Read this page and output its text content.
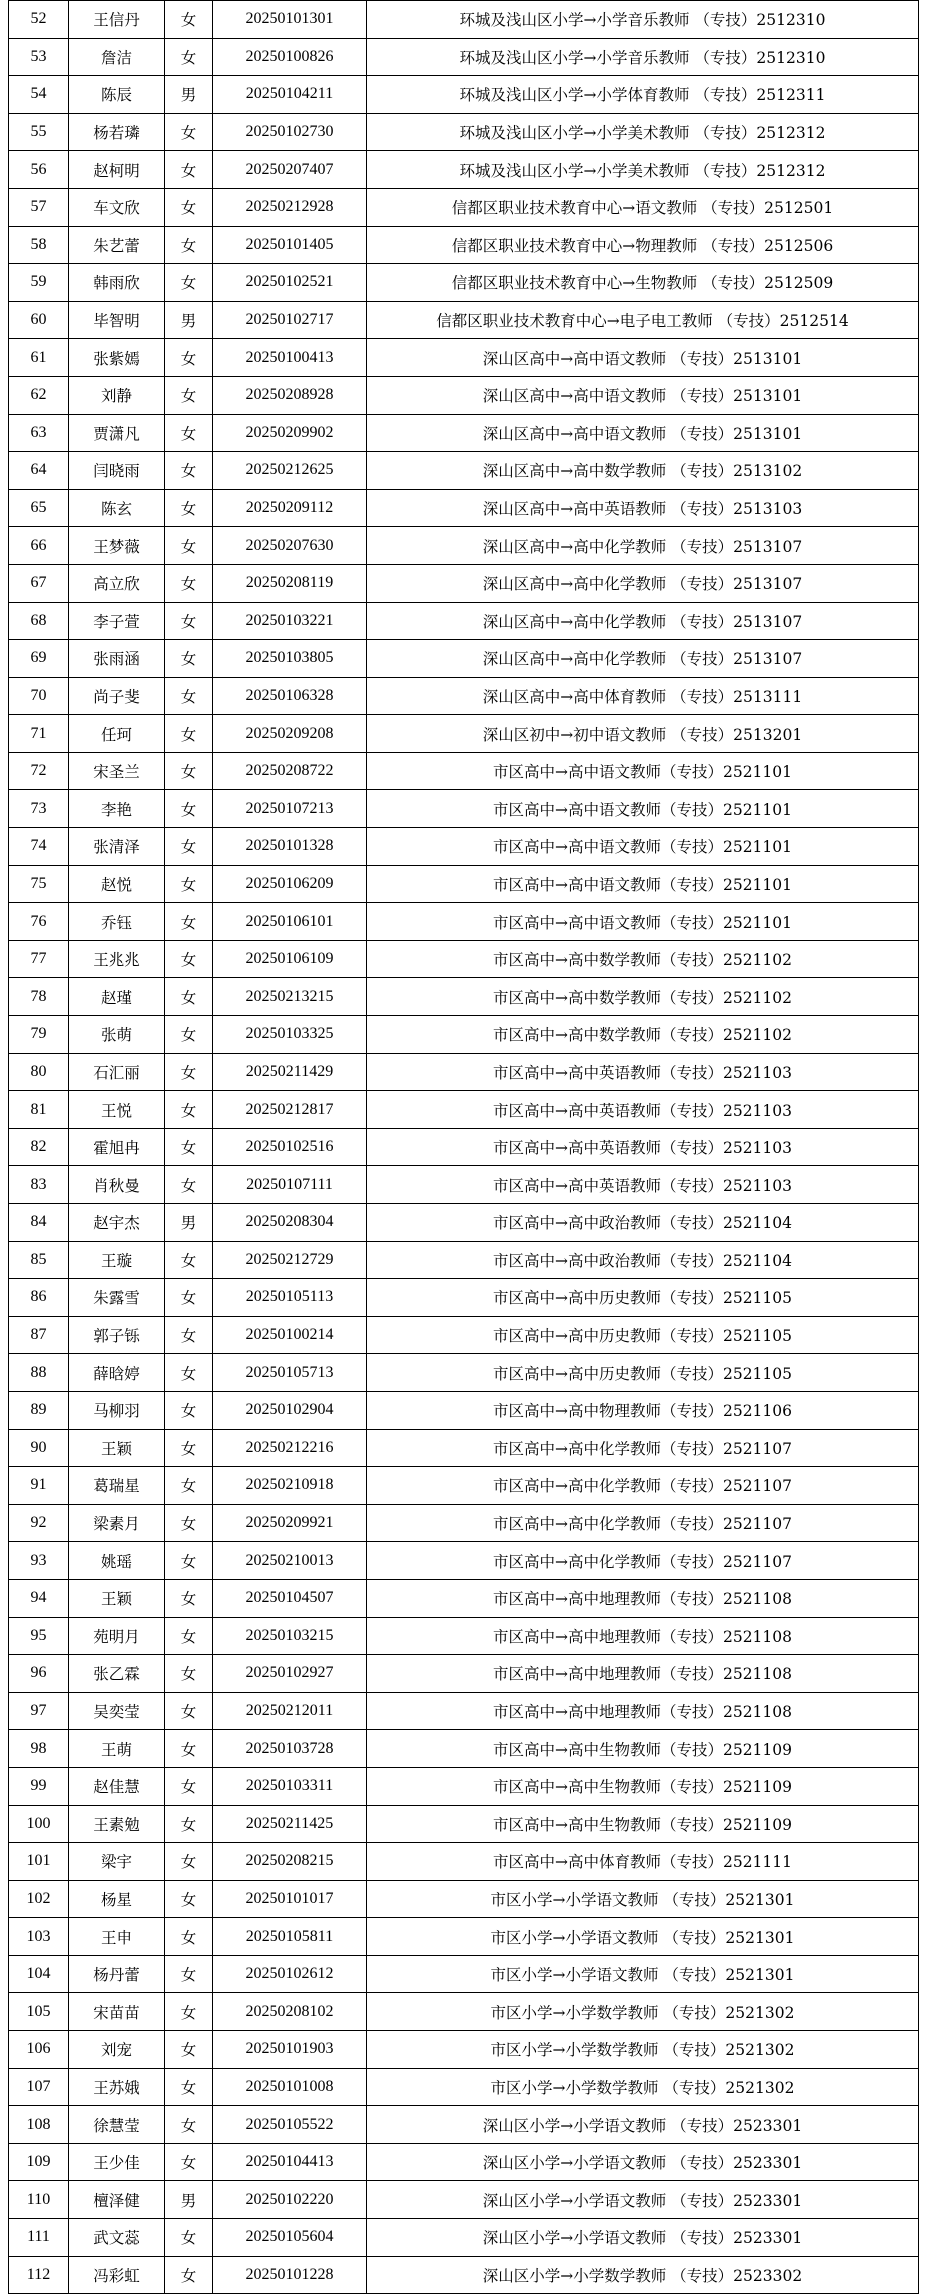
52	王信丹	女	20250101301	环城及浅山区小学→小学音乐教师 （专技）2512310
53	詹洁	女	20250100826	环城及浅山区小学→小学音乐教师 （专技）2512310
54	陈辰	男	20250104211	环城及浅山区小学→小学体育教师 （专技）2512311
55	杨若璘	女	20250102730	环城及浅山区小学→小学美术教师 （专技）2512312
56	赵柯明	女	20250207407	环城及浅山区小学→小学美术教师 （专技）2512312
57	车文欣	女	20250212928	信都区职业技术教育中心→语文教师 （专技）2512501
58	朱艺蕾	女	20250101405	信都区职业技术教育中心→物理教师 （专技）2512506
59	韩雨欣	女	20250102521	信都区职业技术教育中心→生物教师 （专技）2512509
60	毕智明	男	20250102717	信都区职业技术教育中心→电子电工教师 （专技）2512514
61	张紫嫣	女	20250100413	深山区高中→高中语文教师 （专技）2513101
62	刘静	女	20250208928	深山区高中→高中语文教师 （专技）2513101
63	贾潇凡	女	20250209902	深山区高中→高中语文教师 （专技）2513101
64	闫晓雨	女	20250212625	深山区高中→高中数学教师 （专技）2513102
65	陈玄	女	20250209112	深山区高中→高中英语教师 （专技）2513103
66	王梦薇	女	20250207630	深山区高中→高中化学教师 （专技）2513107
67	高立欣	女	20250208119	深山区高中→高中化学教师 （专技）2513107
68	李子萱	女	20250103221	深山区高中→高中化学教师 （专技）2513107
69	张雨涵	女	20250103805	深山区高中→高中化学教师 （专技）2513107
70	尚子斐	女	20250106328	深山区高中→高中体育教师 （专技）2513111
71	任珂	女	20250209208	深山区初中→初中语文教师 （专技）2513201
72	宋圣兰	女	20250208722	市区高中→高中语文教师（专技）2521101
73	李艳	女	20250107213	市区高中→高中语文教师（专技）2521101
74	张清泽	女	20250101328	市区高中→高中语文教师（专技）2521101
75	赵悦	女	20250106209	市区高中→高中语文教师（专技）2521101
76	乔钰	女	20250106101	市区高中→高中语文教师（专技）2521101
77	王兆兆	女	20250106109	市区高中→高中数学教师（专技）2521102
78	赵瑾	女	20250213215	市区高中→高中数学教师（专技）2521102
79	张萌	女	20250103325	市区高中→高中数学教师（专技）2521102
80	石汇丽	女	20250211429	市区高中→高中英语教师（专技）2521103
81	王悦	女	20250212817	市区高中→高中英语教师（专技）2521103
82	霍旭冉	女	20250102516	市区高中→高中英语教师（专技）2521103
83	肖秋曼	女	20250107111	市区高中→高中英语教师（专技）2521103
84	赵宇杰	男	20250208304	市区高中→高中政治教师（专技）2521104
85	王璇	女	20250212729	市区高中→高中政治教师（专技）2521104
86	朱露雪	女	20250105113	市区高中→高中历史教师（专技）2521105
87	郭子铄	女	20250100214	市区高中→高中历史教师（专技）2521105
88	薛晗婷	女	20250105713	市区高中→高中历史教师（专技）2521105
89	马柳羽	女	20250102904	市区高中→高中物理教师（专技）2521106
90	王颖	女	20250212216	市区高中→高中化学教师（专技）2521107
91	葛瑞星	女	20250210918	市区高中→高中化学教师（专技）2521107
92	梁素月	女	20250209921	市区高中→高中化学教师（专技）2521107
93	姚瑶	女	20250210013	市区高中→高中化学教师（专技）2521107
94	王颖	女	20250104507	市区高中→高中地理教师（专技）2521108
95	苑明月	女	20250103215	市区高中→高中地理教师（专技）2521108
96	张乙霖	女	20250102927	市区高中→高中地理教师（专技）2521108
97	吴奕莹	女	20250212011	市区高中→高中地理教师（专技）2521108
98	王萌	女	20250103728	市区高中→高中生物教师（专技）2521109
99	赵佳慧	女	20250103311	市区高中→高中生物教师（专技）2521109
100	王素勉	女	20250211425	市区高中→高中生物教师（专技）2521109
101	梁宇	女	20250208215	市区高中→高中体育教师（专技）2521111
102	杨星	女	20250101017	市区小学→小学语文教师 （专技）2521301
103	王申	女	20250105811	市区小学→小学语文教师 （专技）2521301
104	杨丹蕾	女	20250102612	市区小学→小学语文教师 （专技）2521301
105	宋苗苗	女	20250208102	市区小学→小学数学教师 （专技）2521302
106	刘宠	女	20250101903	市区小学→小学数学教师 （专技）2521302
107	王苏娥	女	20250101008	市区小学→小学数学教师 （专技）2521302
108	徐慧莹	女	20250105522	深山区小学→小学语文教师 （专技）2523301
109	王少佳	女	20250104413	深山区小学→小学语文教师 （专技）2523301
110	檀泽健	男	20250102220	深山区小学→小学语文教师 （专技）2523301
111	武文蕊	女	20250105604	深山区小学→小学语文教师 （专技）2523301
112	冯彩虹	女	20250101228	深山区小学→小学数学教师 （专技）2523302
